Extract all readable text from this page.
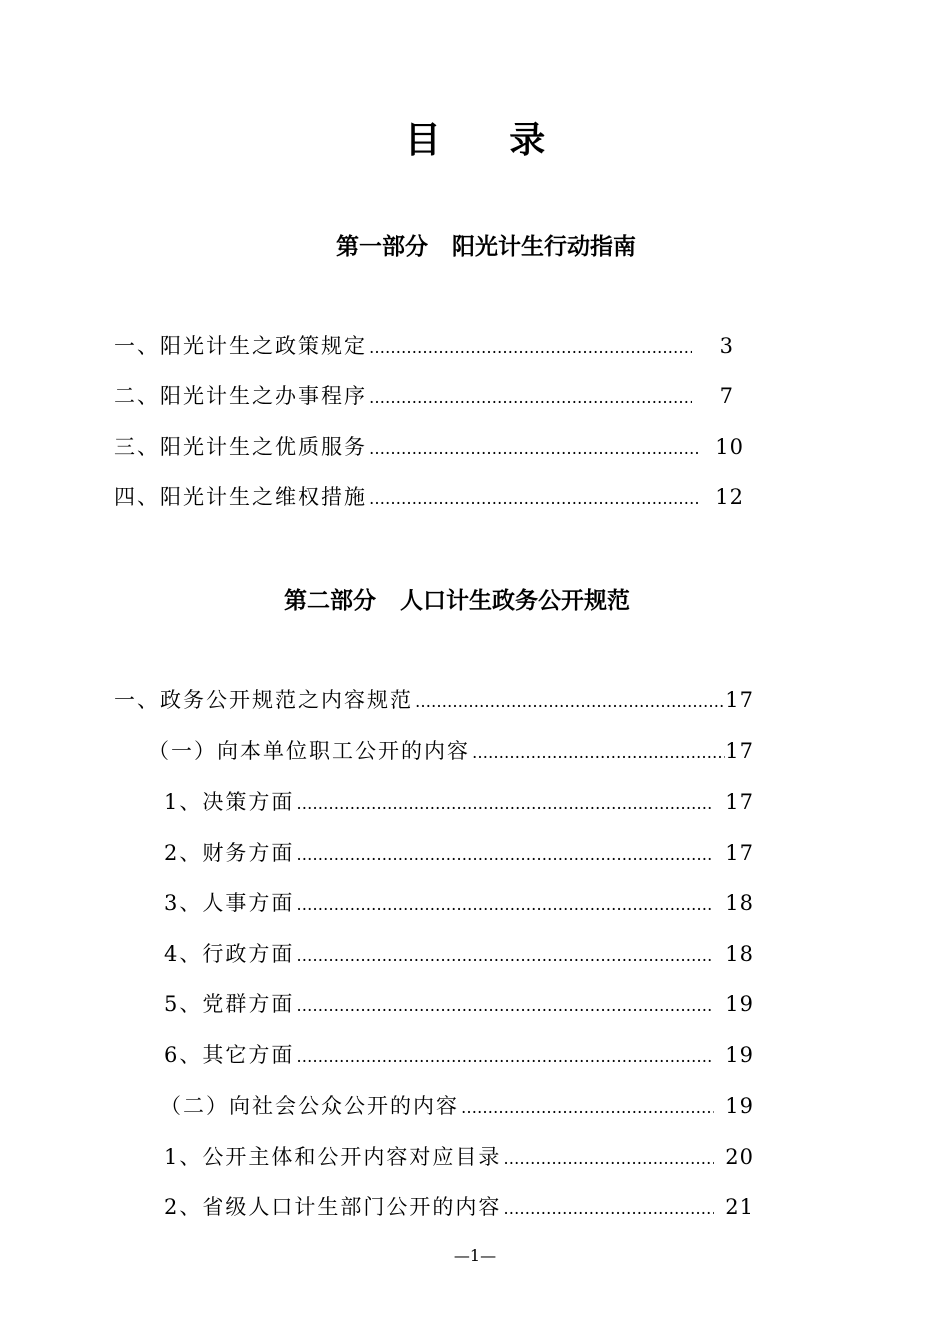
目 录
第一部分   阳光计生行动指南
一、阳光计生之政策规定 …………………………………………………………………………………………………………………………………………………………	3
二、阳光计生之办事程序 …………………………………………………………………………………………………………………………………………………………	7
三、阳光计生之优质服务 …………………………………………………………………………………………………………………………………………………………	10
四、阳光计生之维权措施 …………………………………………………………………………………………………………………………………………………………	12
第二部分   人口计生政务公开规范
一、政务公开规范之内容规范 …………………………………………………………………………………………………………………………………………………………	17
（一）向本单位职工公开的内容 …………………………………………………………………………………………………………………………………………………………	17
1、决策方面 …………………………………………………………………………………………………………………………………………………………	17
2、财务方面 …………………………………………………………………………………………………………………………………………………………	17
3、人事方面 …………………………………………………………………………………………………………………………………………………………	18
4、行政方面 …………………………………………………………………………………………………………………………………………………………	18
5、党群方面 …………………………………………………………………………………………………………………………………………………………	19
6、其它方面 …………………………………………………………………………………………………………………………………………………………	19
（二）向社会公众公开的内容 …………………………………………………………………………………………………………………………………………………………	19
1、公开主体和公开内容对应目录 …………………………………………………………………………………………………………………………………………………………	20
2、省级人口计生部门公开的内容 …………………………………………………………………………………………………………………………………………………………	21
—1—
